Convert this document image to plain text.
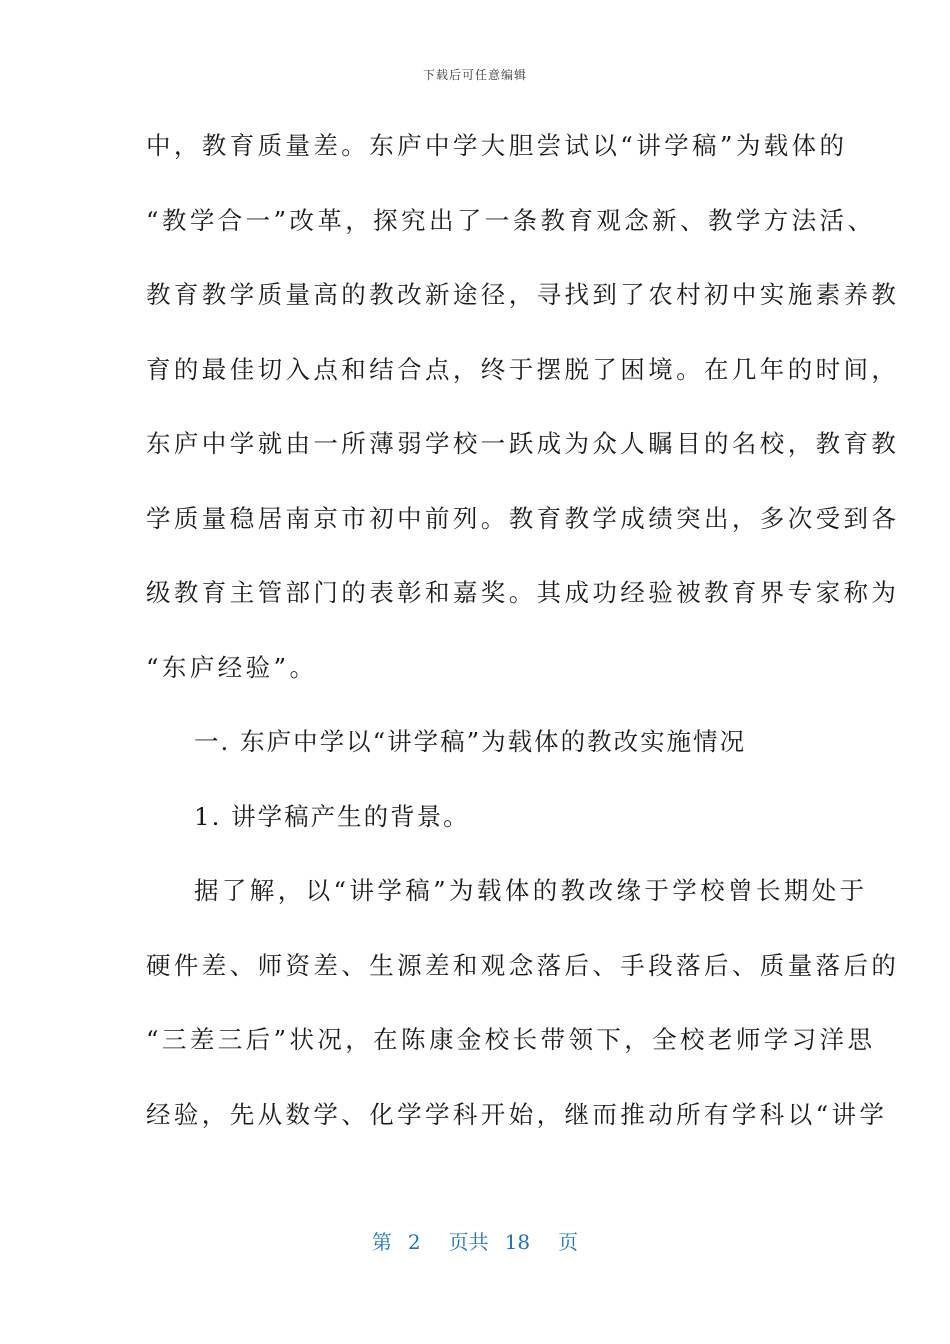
下载后可任意编辑
中，教育质量差。东庐中学大胆尝试以“讲学稿”为载体的
“教学合一”改革，探究出了一条教育观念新、教学方法活、
教育教学质量高的教改新途径，寻找到了农村初中实施素养教
育的最佳切入点和结合点，终于摆脱了困境。在几年的时间，
东庐中学就由一所薄弱学校一跃成为众人瞩目的名校，教育教
学质量稳居南京市初中前列。教育教学成绩突出，多次受到各
级教育主管部门的表彰和嘉奖。其成功经验被教育界专家称为
“东庐经验”。
一. 东庐中学以“讲学稿”为载体的教改实施情况
1. 讲学稿产生的背景。
据了解，以“讲学稿”为载体的教改缘于学校曾长期处于
硬件差、师资差、生源差和观念落后、手段落后、质量落后的
“三差三后”状况，在陈康金校长带领下，全校老师学习洋思
经验，先从数学、化学学科开始，继而推动所有学科以“讲学
第 2 页共 18 页
